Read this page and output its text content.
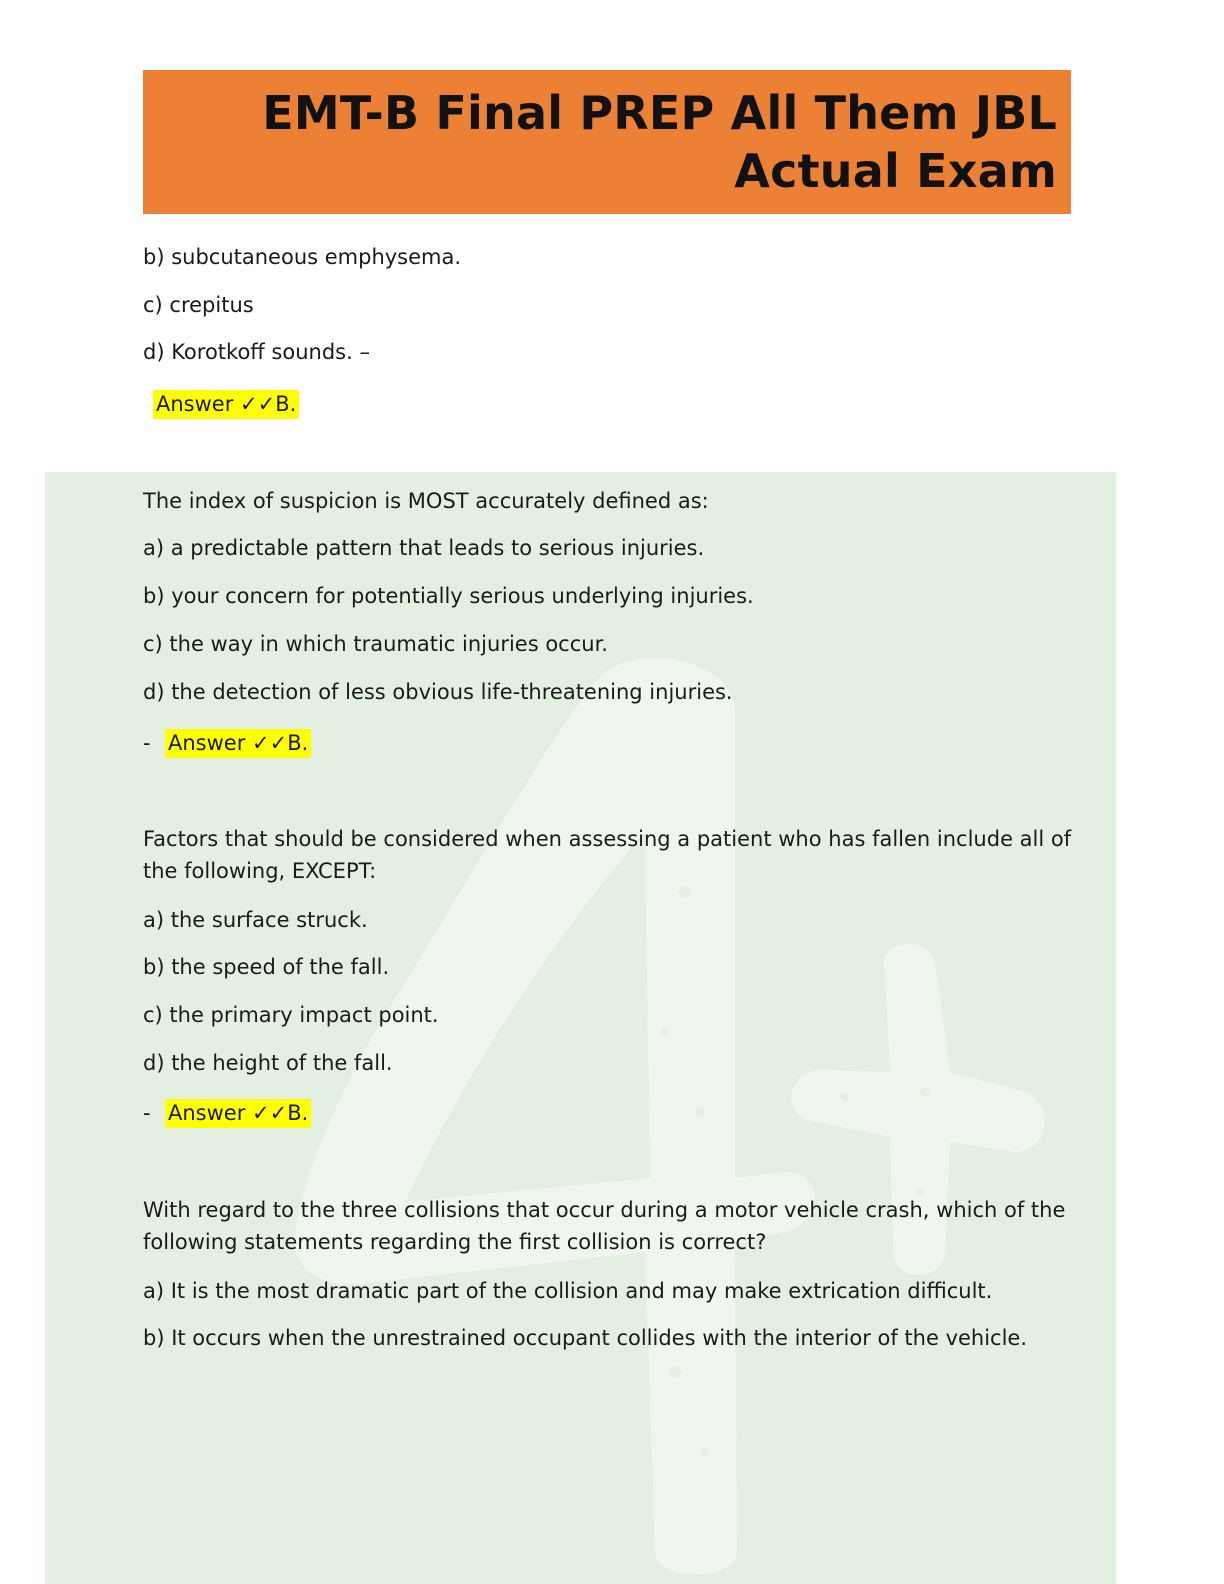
EMT-B Final PREP All Them JBL
Actual Exam
b) subcutaneous emphysema.
c) crepitus
d) Korotkoff sounds. –
Answer ✓✓B.
The index of suspicion is MOST accurately defined as:
a) a predictable pattern that leads to serious injuries.
b) your concern for potentially serious underlying injuries.
c) the way in which traumatic injuries occur.
d) the detection of less obvious life-threatening injuries.
- Answer ✓✓B.
Factors that should be considered when assessing a patient who has fallen include all of the following, EXCEPT:
a) the surface struck.
b) the speed of the fall.
c) the primary impact point.
d) the height of the fall.
- Answer ✓✓B.
With regard to the three collisions that occur during a motor vehicle crash, which of the following statements regarding the first collision is correct?
a) It is the most dramatic part of the collision and may make extrication difficult.
b) It occurs when the unrestrained occupant collides with the interior of the vehicle.
